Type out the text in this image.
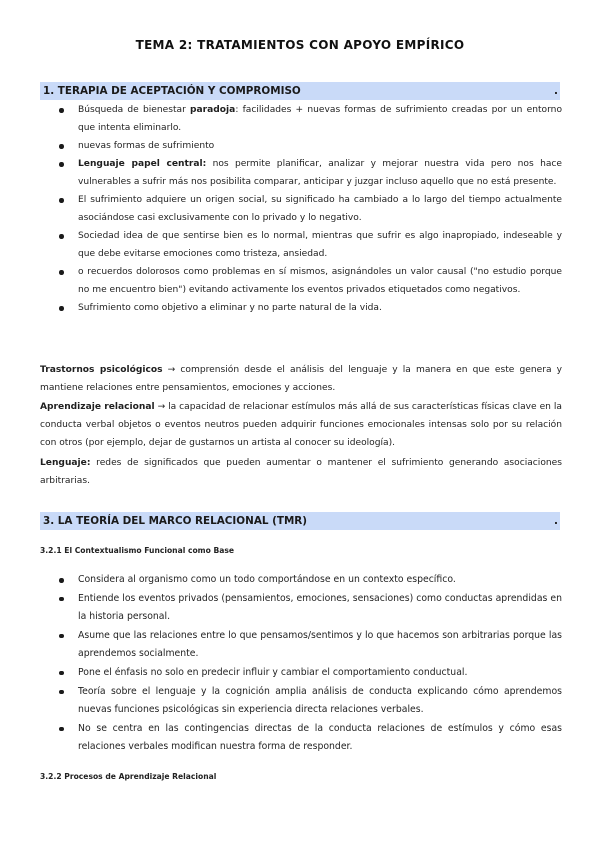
TEMA 2: TRATAMIENTOS CON APOYO EMPÍRICO
1. TERAPIA DE ACEPTACIÓN Y COMPROMISO	.
Búsqueda de bienestar paradoja: facilidades + nuevas formas de sufrimiento creadas por un entorno que intenta eliminarlo.
nuevas formas de sufrimiento
Lenguaje papel central: nos permite planificar, analizar y mejorar nuestra vida pero nos hace vulnerables a sufrir más nos posibilita comparar, anticipar y juzgar incluso aquello que no está presente.
El sufrimiento adquiere un origen social, su significado ha cambiado a lo largo del tiempo actualmente asociándose casi exclusivamente con lo privado y lo negativo.
Sociedad idea de que sentirse bien es lo normal, mientras que sufrir es algo inapropiado, indeseable y que debe evitarse emociones como tristeza, ansiedad.
o recuerdos dolorosos como problemas en sí mismos, asignándoles un valor causal ("no estudio porque no me encuentro bien") evitando activamente los eventos privados etiquetados como negativos.
Sufrimiento como objetivo a eliminar y no parte natural de la vida.
Trastornos psicológicos → comprensión desde el análisis del lenguaje y la manera en que este genera y mantiene relaciones entre pensamientos, emociones y acciones.
Aprendizaje relacional → la capacidad de relacionar estímulos más allá de sus características físicas clave en la conducta verbal objetos o eventos neutros pueden adquirir funciones emocionales intensas solo por su relación con otros (por ejemplo, dejar de gustarnos un artista al conocer su ideología).
Lenguaje: redes de significados que pueden aumentar o mantener el sufrimiento generando asociaciones arbitrarias.
3. LA TEORÍA DEL MARCO RELACIONAL (TMR)	.
3.2.1 El Contextualismo Funcional como Base
Considera al organismo como un todo comportándose en un contexto específico.
Entiende los eventos privados (pensamientos, emociones, sensaciones) como conductas aprendidas en la historia personal.
Asume que las relaciones entre lo que pensamos/sentimos y lo que hacemos son arbitrarias porque las aprendemos socialmente.
Pone el énfasis no solo en predecir influir y cambiar el comportamiento conductual.
Teoría sobre el lenguaje y la cognición amplia análisis de conducta explicando cómo aprendemos nuevas funciones psicológicas sin experiencia directa relaciones verbales.
No se centra en las contingencias directas de la conducta relaciones de estímulos y cómo esas relaciones verbales modifican nuestra forma de responder.
3.2.2 Procesos de Aprendizaje Relacional
